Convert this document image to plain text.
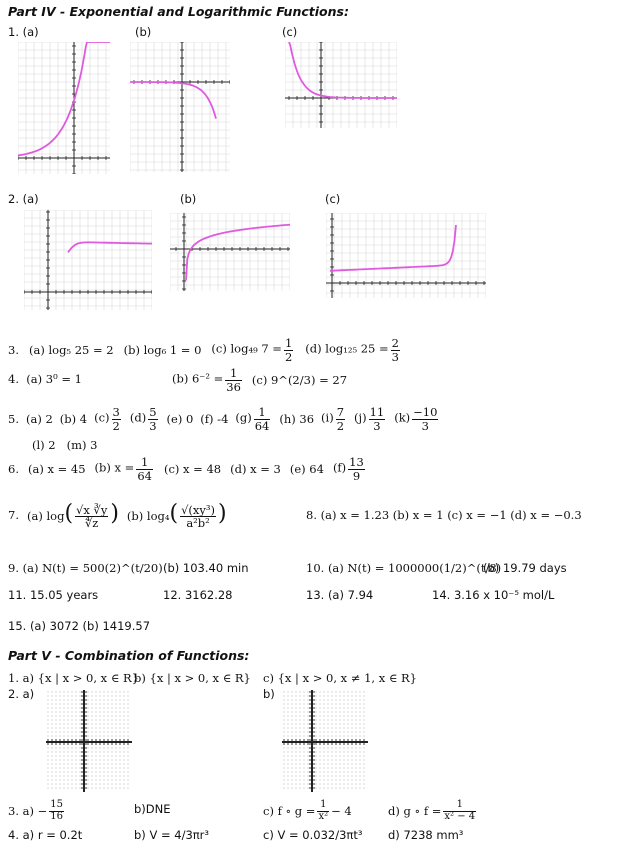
Part IV - Exponential and Logarithmic Functions:
1. (a)	(b)	(c)
2. (a)	(b)	(c)
3. (a) log₅ 25 = 2 (b) log₆ 1 = 0 (c) log₄₉ $7 = \frac{1}{2} (d)$ log₁₂₅ $25 = \frac{2}{3}$
4. (a) 3⁰ = 1	(b) $6^{-2} = \frac{1}{36} (c)$ 9^(2/3) = 27
5. (a) 2 (b) 4 $(c) \frac{3}{2} (d) \frac{5}{3} (e)$ 0 (f) -4 $(g) \frac{1}{64} (h)$ 36 $(i) \frac{7}{2} (j) \frac{11}{3} (k) \frac{-10}{3}$
(l) 2 (m) 3
6. (a) x = 45 (b) $x = \frac{1}{64} (c) x = 48$ (d) x = 3 (e) 64 $(f) \frac{13}{9}$
7. (a) $\log( \frac{√x ∛y}{∜z}$ ) (b) $\log_4( \frac{\text{√(xy³)}}{\text{a²b²}}$ )	8. (a) x = 1.23 (b) x = 1 (c) x = −1 (d) x = −0.3
9. (a) N(t) = 500(2)^(t/20) (b) 103.40 min	10. (a) N(t) = 1000000(1/2)^(t/8)
(b) 19.79 days
11. 15.05 years	12. 3162.28	13. (a) 7.94	14. 3.16 x 10⁻⁵ mol/L
15. (a) 3072 (b) 1419.57
Part V - Combination of Functions:
1. a) {x | x > 0, x ∈ R}
b) {x | x > 0, x ∈ R} c) {x | x > 0, x ≠ 1, x ∈ R}
2. a)	b)
3. $a) - \frac{15}{16}$	b)DNE	c) f ∘ $g = \frac{1}{\text{x²}} - 4$	d) g ∘ $f = \frac{1}{\text{x² − 4}}$
4. a) r = 0.2t	b) V = 4/3πr³	c) V = 0.032/3πt³ d) 7238 mm³
